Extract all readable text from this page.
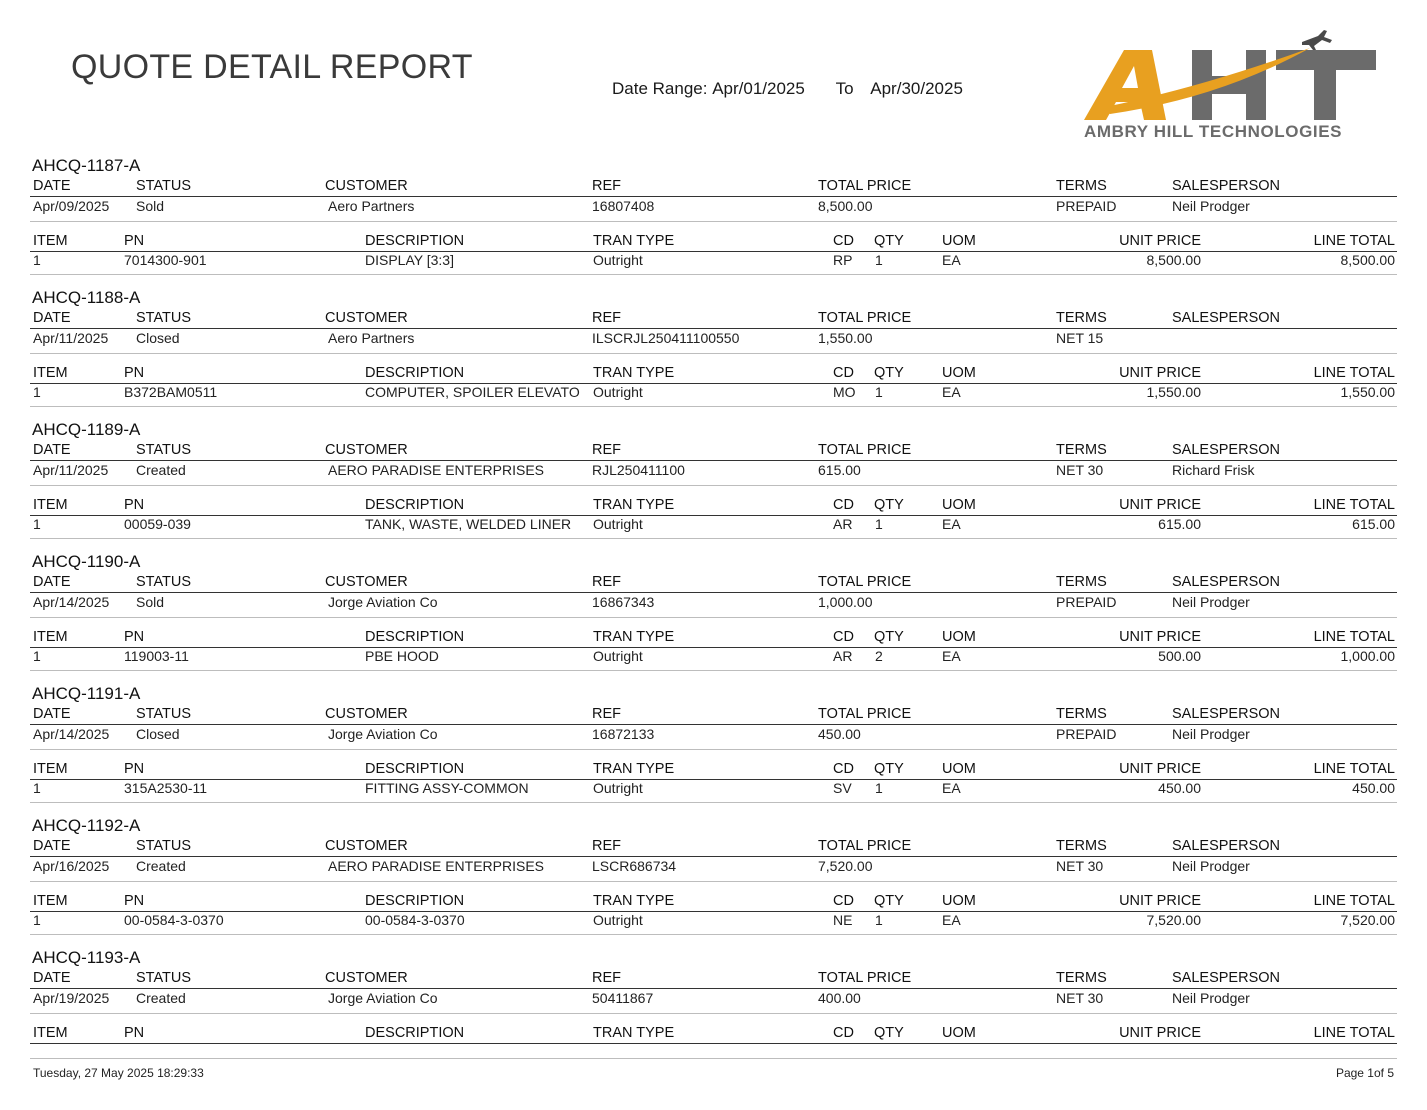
QUOTE DETAIL REPORT
Date Range: Apr/01/2025 To Apr/30/2025
AMBRY HILL TECHNOLOGIES
AHCQ-1187-A
DATE	STATUS	CUSTOMER	REF	TOTAL PRICE	TERMS	SALESPERSON
Apr/09/2025 Sold	Aero Partners	16807408	8,500.00	PREPAID	Neil Prodger
ITEM	PN	DESCRIPTION	TRAN TYPE	CD QTY	UOM	UNIT PRICE	LINE TOTAL
1	7014300-901	DISPLAY [3:3]	Outright	RP 1	EA	8,500.00	8,500.00
AHCQ-1188-A
DATE	STATUS	CUSTOMER	REF	TOTAL PRICE	TERMS	SALESPERSON
Apr/11/2025 Closed	Aero Partners	ILSCRJL250411100550	1,550.00	NET 15
ITEM	PN	DESCRIPTION	TRAN TYPE	CD QTY	UOM	UNIT PRICE	LINE TOTAL
1	B372BAM0511	COMPUTER, SPOILER ELEVATO Outright	MO 1	EA	1,550.00	1,550.00
AHCQ-1189-A
DATE	STATUS	CUSTOMER	REF	TOTAL PRICE	TERMS	SALESPERSON
Apr/11/2025 Created	AERO PARADISE ENTERPRISES	RJL250411100	615.00	NET 30	Richard Frisk
ITEM	PN	DESCRIPTION	TRAN TYPE	CD QTY	UOM	UNIT PRICE	LINE TOTAL
1	00059-039	TANK, WASTE, WELDED LINER Outright	AR 1	EA	615.00	615.00
AHCQ-1190-A
DATE	STATUS	CUSTOMER	REF	TOTAL PRICE	TERMS	SALESPERSON
Apr/14/2025 Sold	Jorge Aviation Co	16867343	1,000.00	PREPAID	Neil Prodger
ITEM	PN	DESCRIPTION	TRAN TYPE	CD QTY	UOM	UNIT PRICE	LINE TOTAL
1	119003-11	PBE HOOD	Outright	AR 2	EA	500.00	1,000.00
AHCQ-1191-A
DATE	STATUS	CUSTOMER	REF	TOTAL PRICE	TERMS	SALESPERSON
Apr/14/2025 Closed	Jorge Aviation Co	16872133	450.00	PREPAID	Neil Prodger
ITEM	PN	DESCRIPTION	TRAN TYPE	CD QTY	UOM	UNIT PRICE	LINE TOTAL
1	315A2530-11	FITTING ASSY-COMMON	Outright	SV 1	EA	450.00	450.00
AHCQ-1192-A
DATE	STATUS	CUSTOMER	REF	TOTAL PRICE	TERMS	SALESPERSON
Apr/16/2025 Created	AERO PARADISE ENTERPRISES	LSCR686734	7,520.00	NET 30	Neil Prodger
ITEM	PN	DESCRIPTION	TRAN TYPE	CD QTY	UOM	UNIT PRICE	LINE TOTAL
1	00-0584-3-0370	00-0584-3-0370	Outright	NE 1	EA	7,520.00	7,520.00
AHCQ-1193-A
DATE	STATUS	CUSTOMER	REF	TOTAL PRICE	TERMS	SALESPERSON
Apr/19/2025 Created	Jorge Aviation Co	50411867	400.00	NET 30	Neil Prodger
ITEM	PN	DESCRIPTION	TRAN TYPE	CD QTY	UOM	UNIT PRICE	LINE TOTAL
Tuesday, 27 May 2025 18:29:33	Page 1of 5
